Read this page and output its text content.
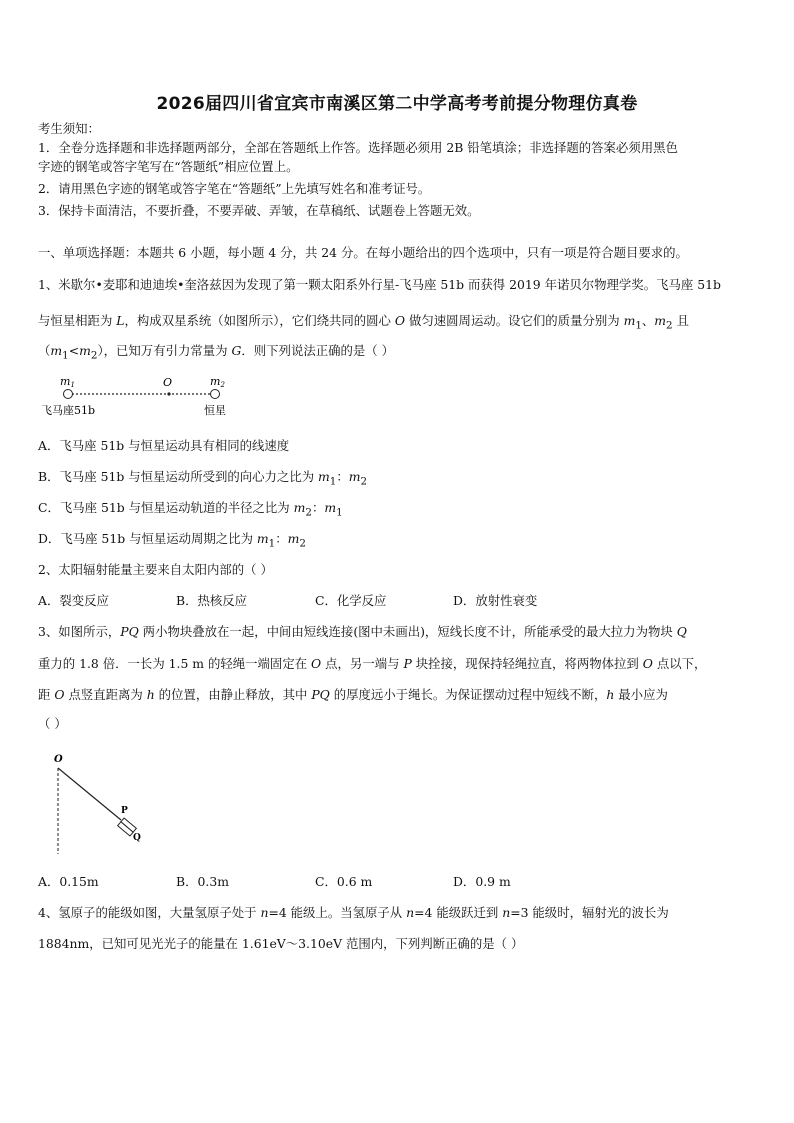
2026届四川省宜宾市南溪区第二中学高考考前提分物理仿真卷
考生须知：
1．全卷分选择题和非选择题两部分，全部在答题纸上作答。选择题必须用 2B 铅笔填涂；非选择题的答案必须用黑色
字迹的钢笔或答字笔写在“答题纸”相应位置上。
2．请用黑色字迹的钢笔或答字笔在“答题纸”上先填写姓名和准考证号。
3．保持卡面清洁，不要折叠，不要弄破、弄皱，在草稿纸、试题卷上答题无效。
一、单项选择题：本题共 6 小题，每小题 4 分，共 24 分。在每小题给出的四个选项中，只有一项是符合题目要求的。
1、米歇尔•麦耶和迪迪埃•奎洛兹因为发现了第一颗太阳系外行星-飞马座 51b 而获得 2019 年诺贝尔物理学奖。飞马座 51b
与恒星相距为 L，构成双星系统（如图所示），它们绕共同的圆心 O 做匀速圆周运动。设它们的质量分别为 $m_1$、$m_2$ 且
$(m_1<m_2)$，已知万有引力常量为 G．则下列说法正确的是（ ）
m1	O	m2
飞马座51b	恒星
A．飞马座 51b 与恒星运动具有相同的线速度
B．飞马座 51b 与恒星运动所受到的向心力之比为 $m_1$：$m_2$
C．飞马座 51b 与恒星运动轨道的半径之比为 $m_2$：$m_1$
D．飞马座 51b 与恒星运动周期之比为 $m_1$：$m_2$
2、太阳辐射能量主要来自太阳内部的（ ）
A．裂变反应	B．热核反应	C．化学反应	D．放射性衰变
3、如图所示，PQ 两小物块叠放在一起，中间由短线连接(图中未画出)，短线长度不计，所能承受的最大拉力为物块 Q
重力的 1.8 倍．一长为 1.5 m 的轻绳一端固定在 O 点，另一端与 P 块拴接，现保持轻绳拉直，将两物体拉到 O 点以下，
距 O 点竖直距离为 h 的位置，由静止释放，其中 PQ 的厚度远小于绳长。为保证摆动过程中短线不断，h 最小应为
（ ）
O
P
Q
A．0.15m	B．0.3m	C．0.6 m	D．0.9 m
4、氢原子的能级如图，大量氢原子处于 n=4 能级上。当氢原子从 n=4 能级跃迁到 n=3 能级时，辐射光的波长为
1884nm，已知可见光光子的能量在 1.61eV～3.10eV 范围内，下列判断正确的是（ ）
